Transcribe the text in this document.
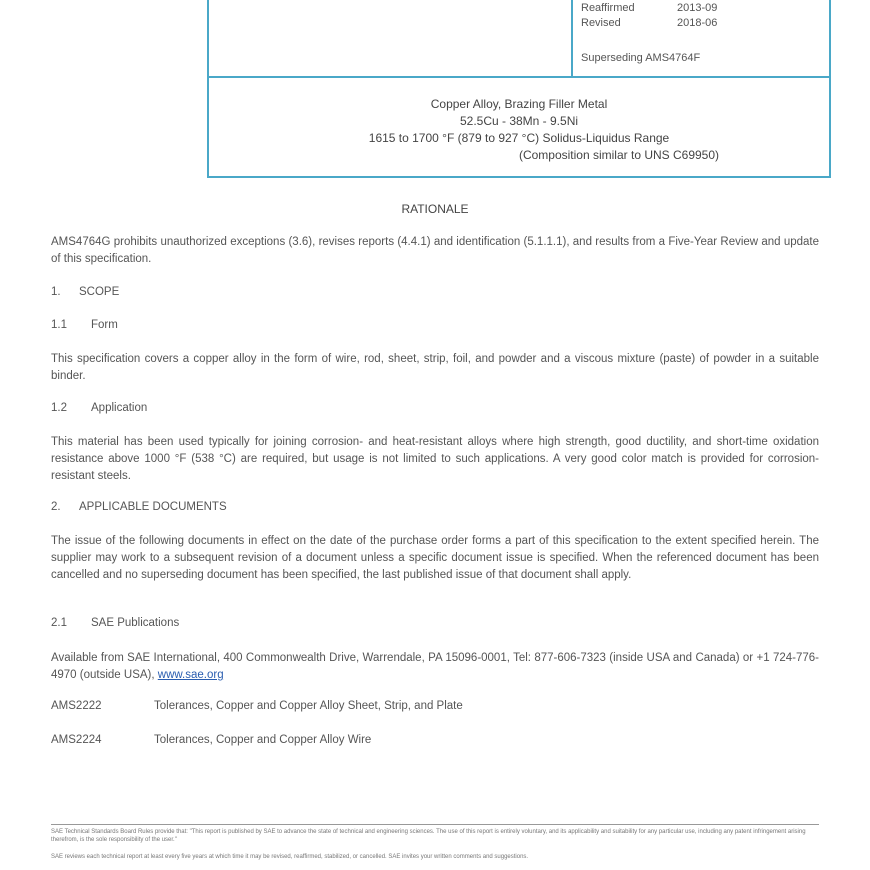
Reaffirmed	2013-09
Revised	2018-06
Superseding AMS4764F
Copper Alloy, Brazing Filler Metal
52.5Cu - 38Mn - 9.5Ni
1615 to 1700 °F (879 to 927 °C) Solidus-Liquidus Range
(Composition similar to UNS C69950)
RATIONALE
AMS4764G prohibits unauthorized exceptions (3.6), revises reports (4.4.1) and identification (5.1.1.1), and results from a Five-Year Review and update of this specification.
1. SCOPE
1.1 Form
This specification covers a copper alloy in the form of wire, rod, sheet, strip, foil, and powder and a viscous mixture (paste) of powder in a suitable binder.
1.2 Application
This material has been used typically for joining corrosion- and heat-resistant alloys where high strength, good ductility, and short-time oxidation resistance above 1000 °F (538 °C) are required, but usage is not limited to such applications. A very good color match is provided for corrosion-resistant steels.
2. APPLICABLE DOCUMENTS
The issue of the following documents in effect on the date of the purchase order forms a part of this specification to the extent specified herein. The supplier may work to a subsequent revision of a document unless a specific document issue is specified. When the referenced document has been cancelled and no superseding document has been specified, the last published issue of that document shall apply.
2.1 SAE Publications
Available from SAE International, 400 Commonwealth Drive, Warrendale, PA 15096-0001, Tel: 877-606-7323 (inside USA and Canada) or +1 724-776-4970 (outside USA), www.sae.org
AMS2222	Tolerances, Copper and Copper Alloy Sheet, Strip, and Plate
AMS2224	Tolerances, Copper and Copper Alloy Wire
SAE Technical Standards Board Rules provide that: "This report is published by SAE to advance the state of technical and engineering sciences. The use of this report is entirely voluntary, and its applicability and suitability for any particular use, including any patent infringement arising therefrom, is the sole responsibility of the user."
SAE reviews each technical report at least every five years at which time it may be revised, reaffirmed, stabilized, or cancelled. SAE invites your written comments and suggestions.
